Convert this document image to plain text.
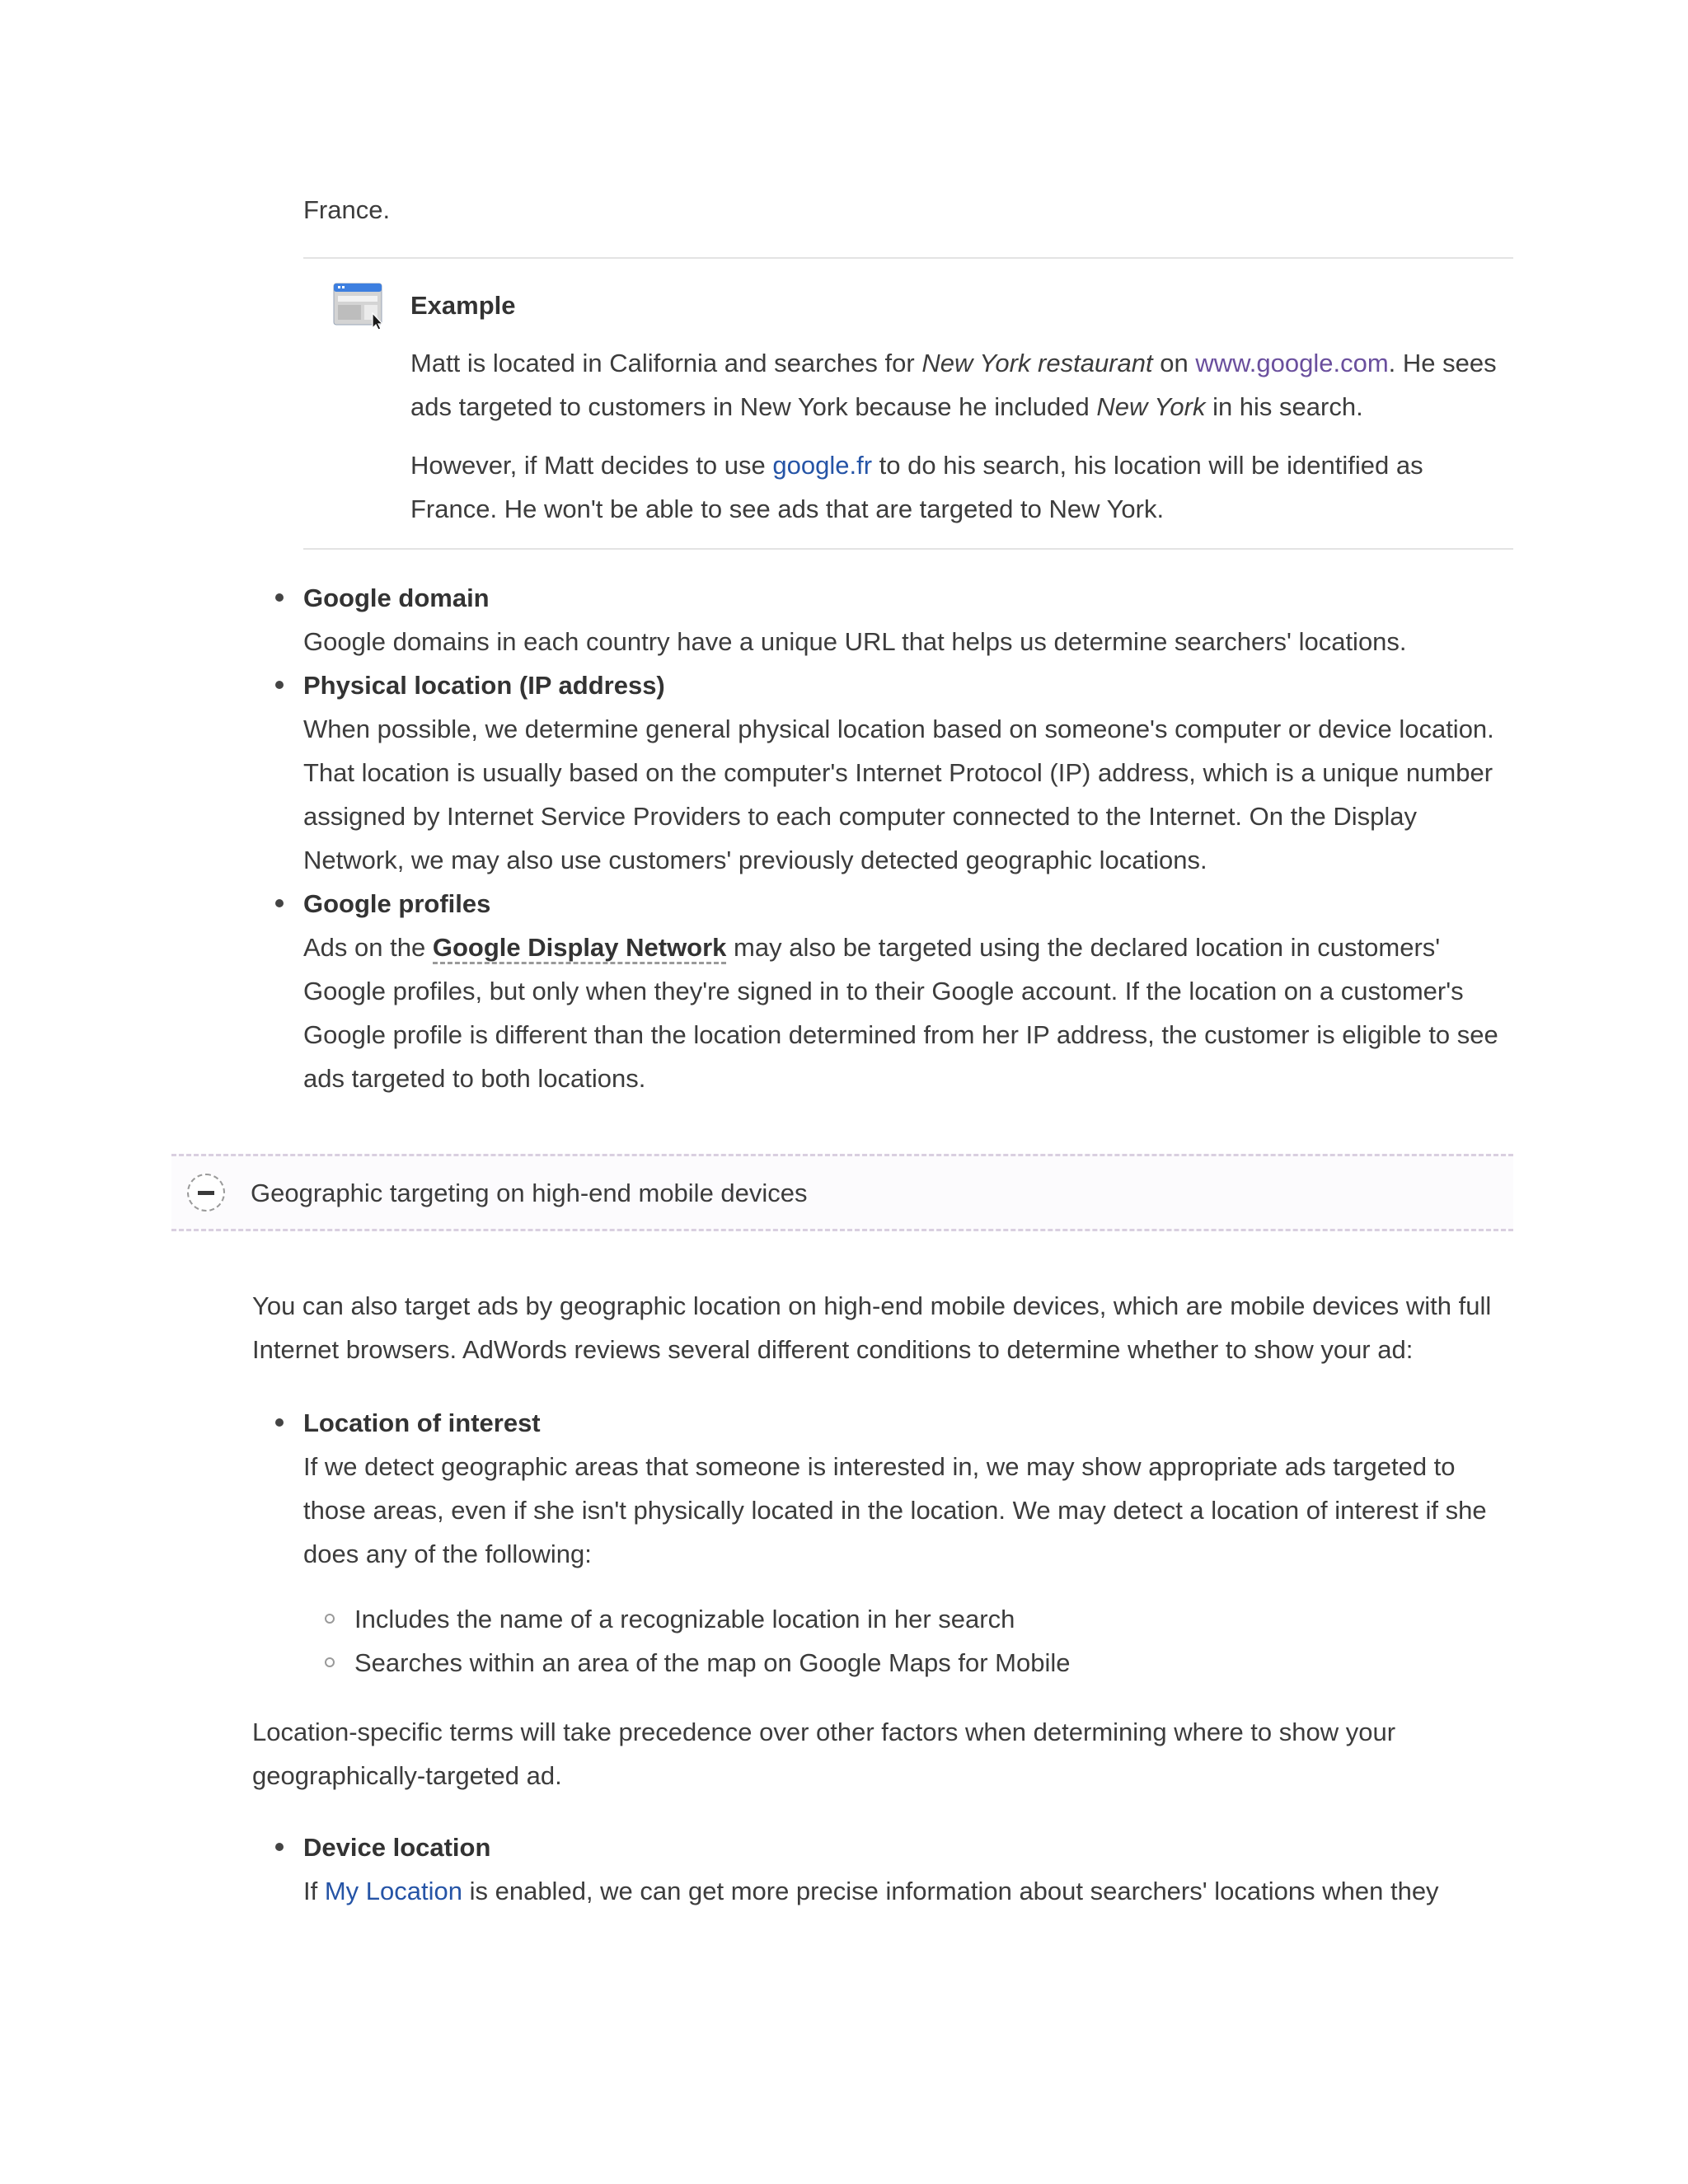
France.

Example

Matt is located in California and searches for New York restaurant on www.google.com. He sees ads targeted to customers in New York because he included New York in his search.

However, if Matt decides to use google.fr to do his search, his location will be identified as France. He won't be able to see ads that are targeted to New York.

Google domain
Google domains in each country have a unique URL that helps us determine searchers' locations.
Physical location (IP address)
When possible, we determine general physical location based on someone's computer or device location. That location is usually based on the computer's Internet Protocol (IP) address, which is a unique number assigned by Internet Service Providers to each computer connected to the Internet. On the Display Network, we may also use customers' previously detected geographic locations.
Google profiles
Ads on the Google Display Network may also be targeted using the declared location in customers' Google profiles, but only when they're signed in to their Google account. If the location on a customer's Google profile is different than the location determined from her IP address, the customer is eligible to see ads targeted to both locations.
Geographic targeting on high-end mobile devices

You can also target ads by geographic location on high-end mobile devices, which are mobile devices with full Internet browsers. AdWords reviews several different conditions to determine whether to show your ad:

Location of interest
If we detect geographic areas that someone is interested in, we may show appropriate ads targeted to those areas, even if she isn't physically located in the location. We may detect a location of interest if she does any of the following:
Includes the name of a recognizable location in her search
Searches within an area of the map on Google Maps for Mobile

Location-specific terms will take precedence over other factors when determining where to show your geographically-targeted ad.

Device location
If My Location is enabled, we can get more precise information about searchers' locations when they
